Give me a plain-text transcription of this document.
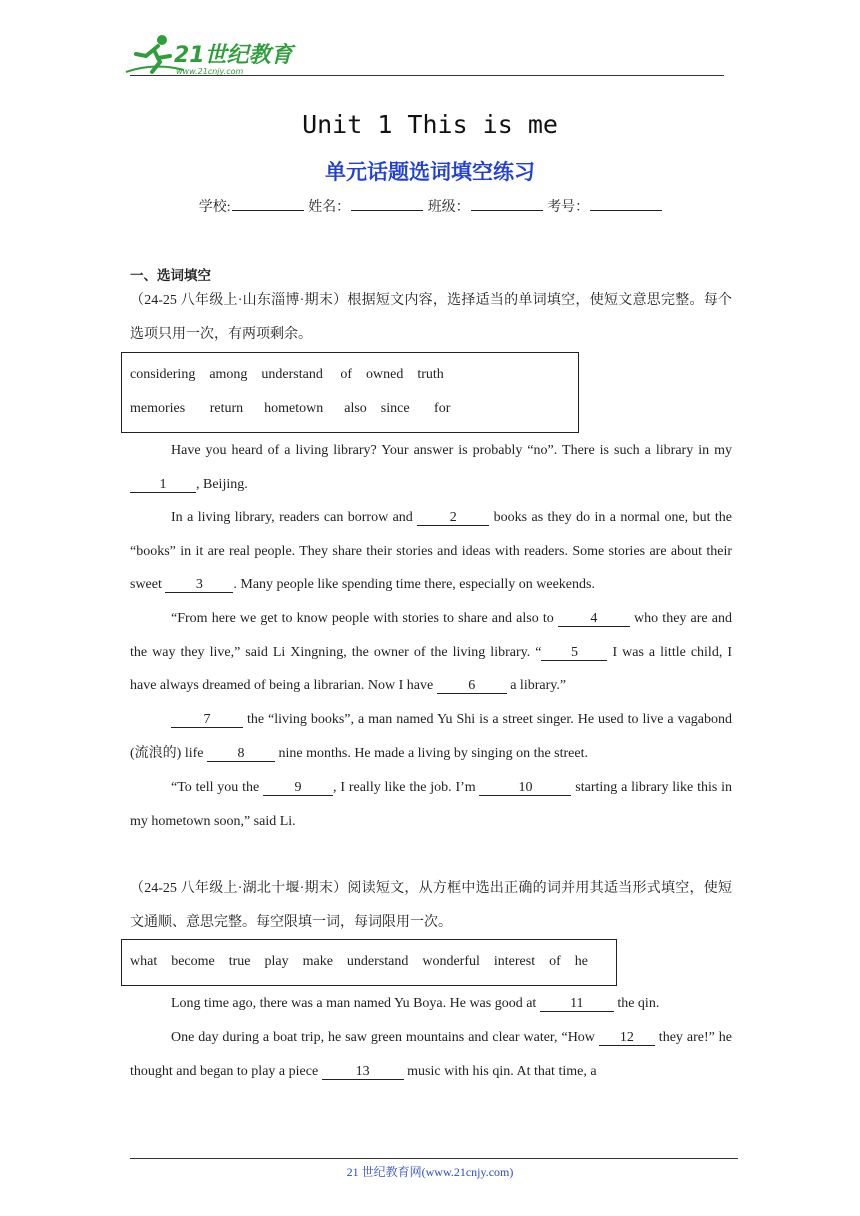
21世纪教育
www.21cnjy.com
Unit 1 This is me
单元话题选词填空练习
学校:	姓名：	班级：	考号：
一、选词填空

（24-25 八年级上·山东淄博·期末）根据短文内容，选择适当的单词填空，使短文意思完整。每个选项只用一次，有两项剩余。

considering    among    understand     of    owned    truth
memories       return      hometown      also    since       for

Have you heard of a living library? Your answer is probably “no”. There is such a library in my 1 , Beijing.

In a living library, readers can borrow and 2 books as they do in a normal one, but the “books” in it are real people. They share their stories and ideas with readers. Some stories are about their sweet 3 . Many people like spending time there, especially on weekends.

“From here we get to know people with stories to share and also to 4 who they are and the way they live,” said Li Xingning, the owner of the living library. “ 5 I was a little child, I have always dreamed of being a librarian. Now I have 6 a library.”

7 the “living books”, a man named Yu Shi is a street singer. He used to live a vagabond (流浪的) life 8 nine months. He made a living by singing on the street.

“To tell you the 9 , I really like the job. I’m	10	starting a library like this in my hometown soon,” said Li.

（24-25 八年级上·湖北十堰·期末）阅读短文，从方框中选出正确的词并用其适当形式填空，使短文通顺、意思完整。每空限填一词，每词限用一次。

what    become    true    play    make    understand    wonderful    interest    of    he

Long time ago, there was a man named Yu Boya. He was good at 11 the qin.

One day during a boat trip, he saw green mountains and clear water, “How 12 they are!” he thought and began to play a piece 13 music with his qin. At that time, a

21 世纪教育网(www.21cnjy.com)
